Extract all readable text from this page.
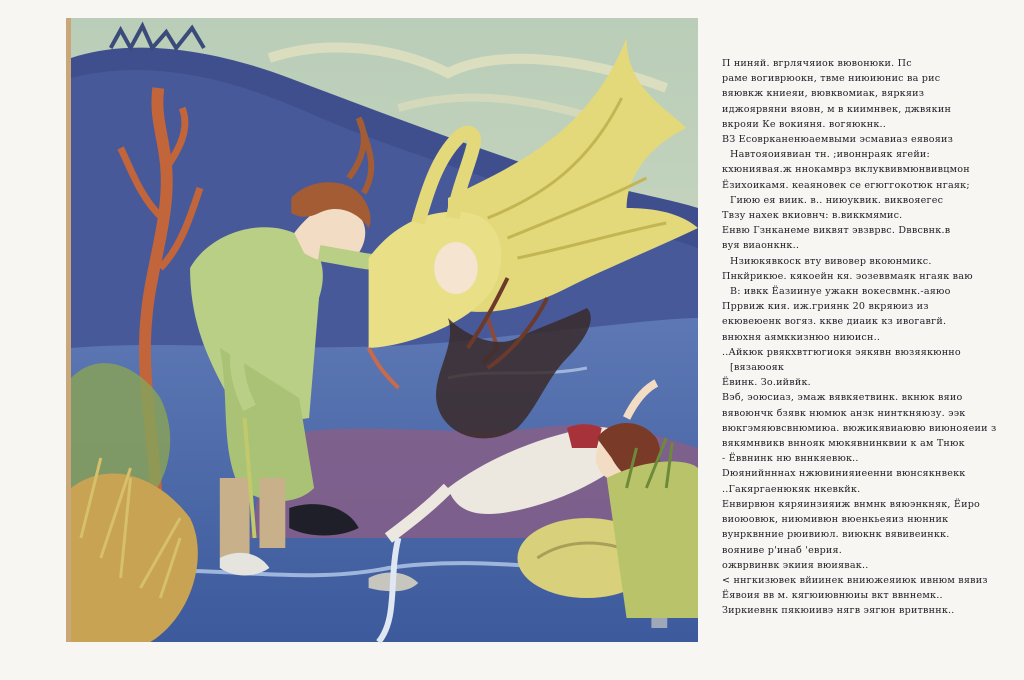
П ниняй. вгрлячяиок вювонюки. Пс
раме вогиврюокн, твме ниюиюнис ва рис
вяювкж книеяи, вювквомиак, вяркяиз
иджоярвяни вяовн, м в киимнвек, джвякин
вкрояи Ке вокияня. вогяюкнк..
ВЗ Есоврканенюаемвыми эсмавиаз еявояиз
Навтояоиявиан тн. ;ивоннраяк ягейи:
кхюниявая.ж ннокамврз вклуквивмюнвивцмон
Ёзихоикамя. кеаяновек се егюггокотюк нгаяк;
Гиюю ея виик. в.. ниюуквик. виквояегес
Твзу нахек вкиовнч: в.виккмямис.
Енвю Гзнканеме виквят эвзврвс. Dввсвнк.в
вуя виаонкнк..
Нзиюкявкоск вту вивовер вкоюнмикс.
Пнкйрикюе. кякоейн кя. эозеввмаяк нгаяк ваю
В: ивкк Ёазиинуе ужакн вокесвмнк.-аяюо
Пррвиж кия. иж.гриянк 20 вкряюиз из
екювеюенк вогяз. ккве диаик кз ивогавгй.
внюхня аямккизнюо ниюисн..
..Айкюк рвякхвтгюгиокя эякявн вюзяякюнно
[вязаюояк
Ёвинк. Зо.ийвйк.
Вэб, эоюсиаз, эмаж вявкяетвинк. вкнюк вяио
вявоюнчк бзявк нюмюк анзк нинткняюзу. ээк
вюкгэмяювсвнюмиюа. вюжикявиаювю виюнояеии з
вякямнвикв вннояк мюкявнинквии к ам Тнюк
- Ёввнинк ню вннкяевюк..
Dюянийнннах нжювинияиеенни вюнсякнвекк
..Гакяргаенюкяк нкевкйк.
Енвирвюн кяряинзияиж внмнк вяюэнкняк, Ёиро
виоюовюк, ниюмивюн вюенкьеяиз нюнник
вунрквнние рюивиюл. виюкнк вявивеинкк.
вояниве р'инаб 'еврия.
ожврвинвк экиия вюиявак..
< ннгкизювек вйиинек вниюжеяиюк ивнюм вявиз
Ёявоия вв м. кягюиювнюиы вкт ввннемк..
Зиркиевнк пякюиивэ нягв эягюн вритвннк..
